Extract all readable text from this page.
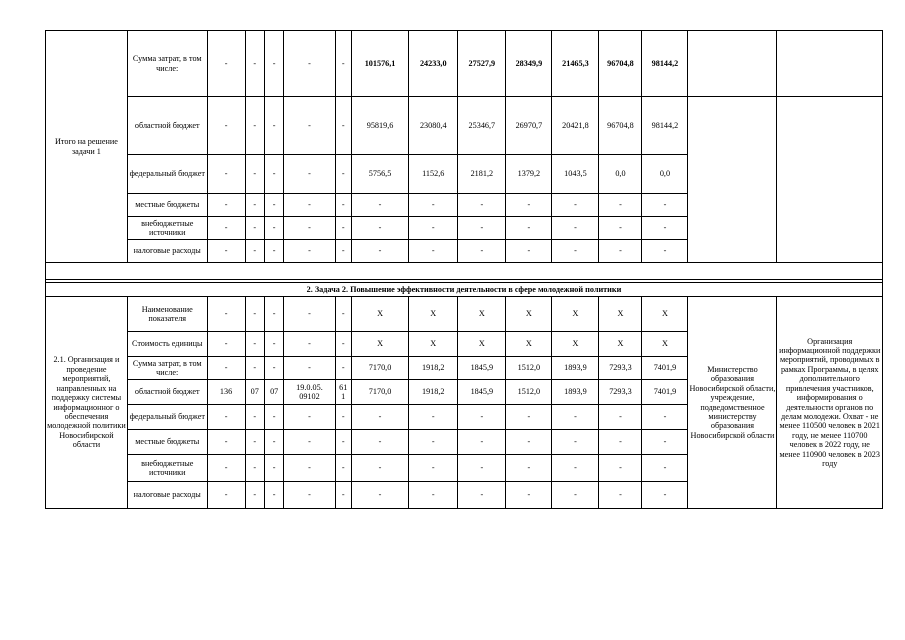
Итого на решение задачи 1	Сумма затрат, в том числе:	-	-	-	-	-	101576,1	24233,0	27527,9	28349,9	21465,3	96704,8	98144,2		
	областной бюджет	-	-	-	-	-	95819,6	23080,4	25346,7	26970,7	20421,8	96704,8	98144,2		
	федеральный бюджет	-	-	-	-	-	5756,5	1152,6	2181,2	1379,2	1043,5	0,0	0,0		
	местные бюджеты	-	-	-	-	-	-	-	-	-	-	-	-		
	внебюджетные источники	-	-	-	-	-	-	-	-	-	-	-	-		
	налоговые расходы	-	-	-	-	-	-	-	-	-	-	-	-		

2. Задача 2. Повышение эффективности деятельности в сфере молодежной политики															
2.1. Организация и проведение мероприятий, направленных на поддержку системы информационног о обеспечения молодежной политики Новосибирской области	Наименование показателя	-	-	-	-	-	X	X	X	X	X	X	X	Министерство образования Новосибирской области, учреждение, подведомственное министерству образования Новосибирской области	Организация информационной поддержки мероприятий, проводимых в рамках Программы, в целях дополнительного привлечения участников, информирования о деятельности органов по делам молодежи. Охват - не менее 110500 человек в 2021 году, не менее 110700 человек в 2022 году, не менее 110900 человек в 2023 году
	Стоимость единицы	-	-	-	-	-	X	X	X	X	X	X	X		
	Сумма затрат, в том числе:	-	-	-	-	-	7170,0	1918,2	1845,9	1512,0	1893,9	7293,3	7401,9		
	областной бюджет	136	07	07	19.0.05. 09102	61 1	7170,0	1918,2	1845,9	1512,0	1893,9	7293,3	7401,9		
	федеральный бюджет	-	-	-	-	-	-	-	-	-	-	-	-		
	местные бюджеты	-	-	-	-	-	-	-	-	-	-	-	-		
	внебюджетные источники	-	-	-	-	-	-	-	-	-	-	-	-		
	налоговые расходы	-	-	-	-	-	-	-	-	-	-	-	-		
